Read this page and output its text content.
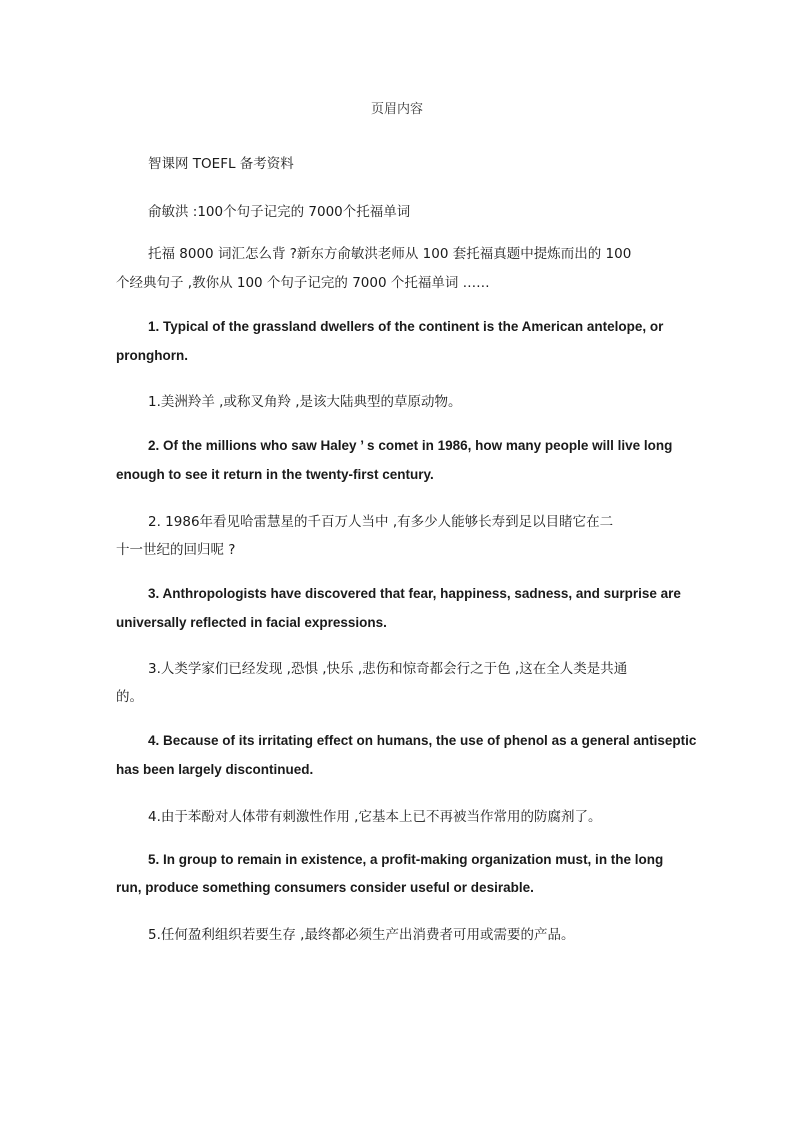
页眉内容
智课网 TOEFL 备考资料
俞敏洪 :100个句子记完的 7000个托福单词
托福 8000 词汇怎么背 ?新东方俞敏洪老师从 100 套托福真题中提炼而出的 100
个经典句子 ,教你从 100 个句子记完的 7000 个托福单词 ……
1. Typical of the grassland dwellers of the continent is the American antelope, or
pronghorn.
1.美洲羚羊 ,或称叉角羚 ,是该大陆典型的草原动物。
2. Of the millions who saw Haley ’ s comet in 1986, how many people will live long
enough to see it return in the twenty-first century.
2. 1986年看见哈雷慧星的千百万人当中 ,有多少人能够长寿到足以目睹它在二
十一世纪的回归呢 ?
3. Anthropologists have discovered that fear, happiness, sadness, and surprise are
universally reflected in facial expressions.
3.人类学家们已经发现 ,恐惧 ,快乐 ,悲伤和惊奇都会行之于色 ,这在全人类是共通
的。
4. Because of its irritating effect on humans, the use of phenol as a general antiseptic
has been largely discontinued.
4.由于苯酚对人体带有刺激性作用 ,它基本上已不再被当作常用的防腐剂了。
5. In group to remain in existence, a profit-making organization must, in the long
run, produce something consumers consider useful or desirable.
5.任何盈利组织若要生存 ,最终都必须生产出消费者可用或需要的产品。
